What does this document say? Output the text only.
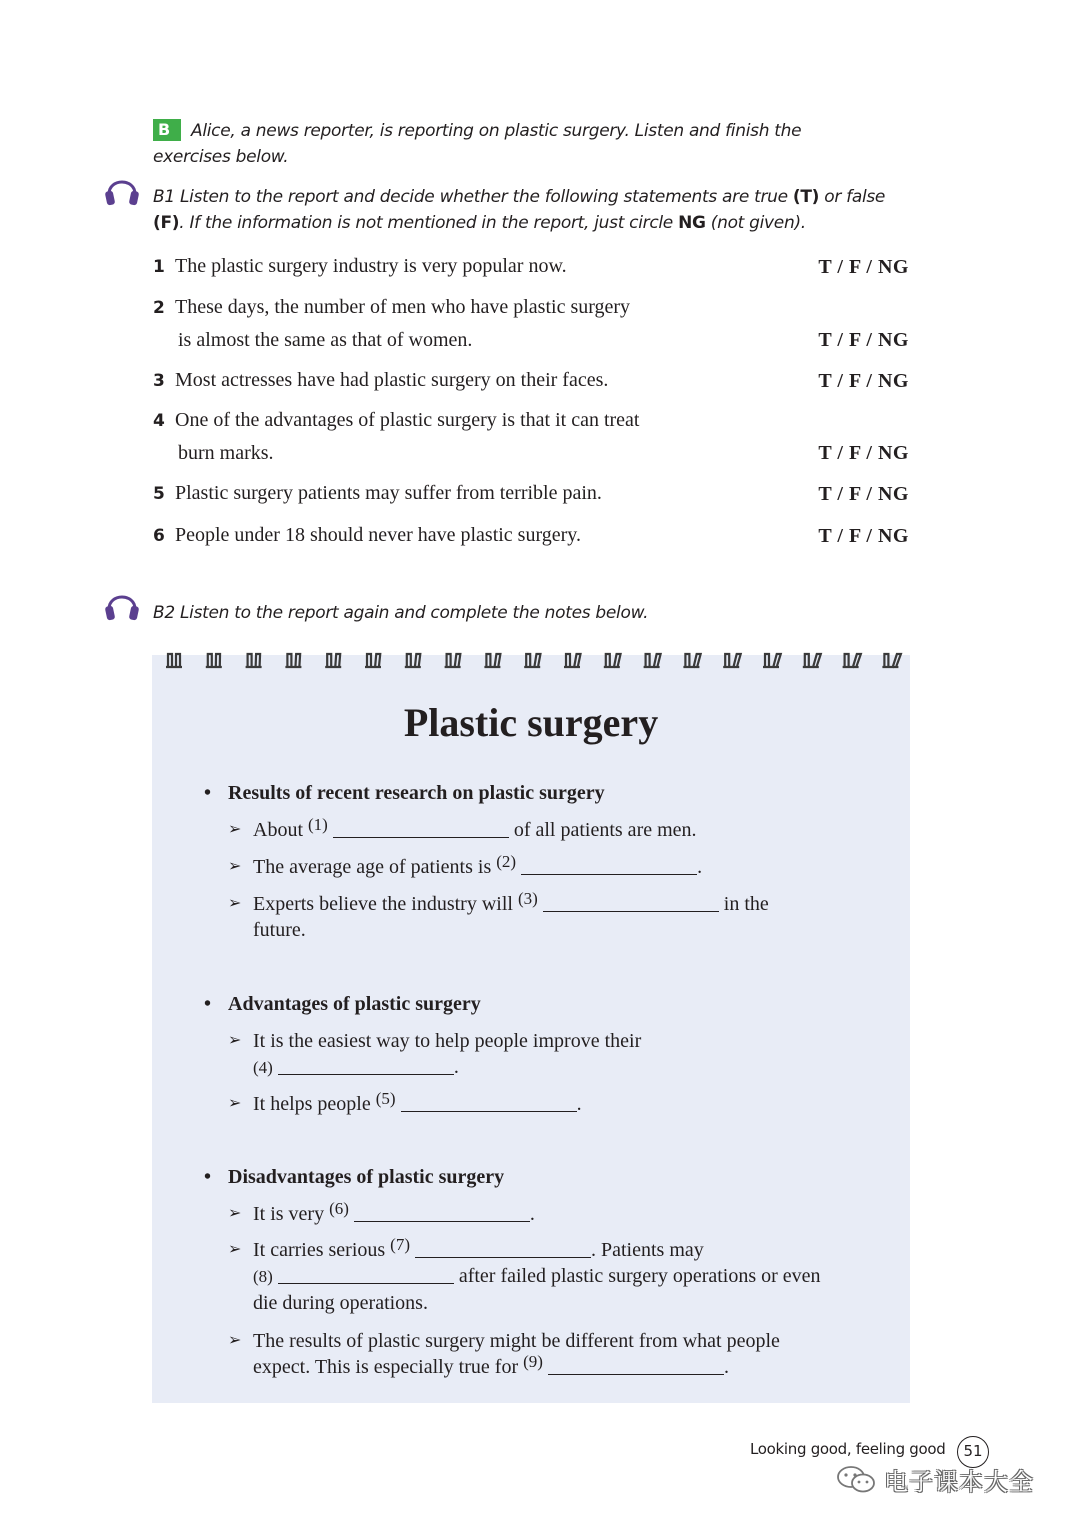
B Alice, a news reporter, is reporting on plastic surgery. Listen and finish the exercises below.
B1 Listen to the report and decide whether the following statements are true (T) or false (F). If the information is not mentioned in the report, just circle NG (not given).
1 The plastic surgery industry is very popular now.	T / F / NG
2 These days, the number of men who have plastic surgery
is almost the same as that of women.	T / F / NG
3 Most actresses have had plastic surgery on their faces.	T / F / NG
4 One of the advantages of plastic surgery is that it can treat
burn marks.	T / F / NG
5 Plastic surgery patients may suffer from terrible pain.	T / F / NG
6 People under 18 should never have plastic surgery.	T / F / NG
B2 Listen to the report again and complete the notes below.
Plastic surgery
• Results of recent research on plastic surgery
➢ About $^{(1)}$	of all patients are men.
➢ The average age of patients is $^{(2)}$	.
➢ Experts believe the industry will $^{(3)}$	in the
future.
• Advantages of plastic surgery
➢ It is the easiest way to help people improve their
(4)	.
➢ It helps people $^{(5)}$	.
• Disadvantages of plastic surgery
➢ It is very $^{(6)}$	.
➢ It carries serious $^{(7)}$	. Patients may
(8)	after failed plastic surgery operations or even
die during operations.
➢ The results of plastic surgery might be different from what people
expect. This is especially true for $^{(9)}$	.
Looking good, feeling good	51
电子课本大全
